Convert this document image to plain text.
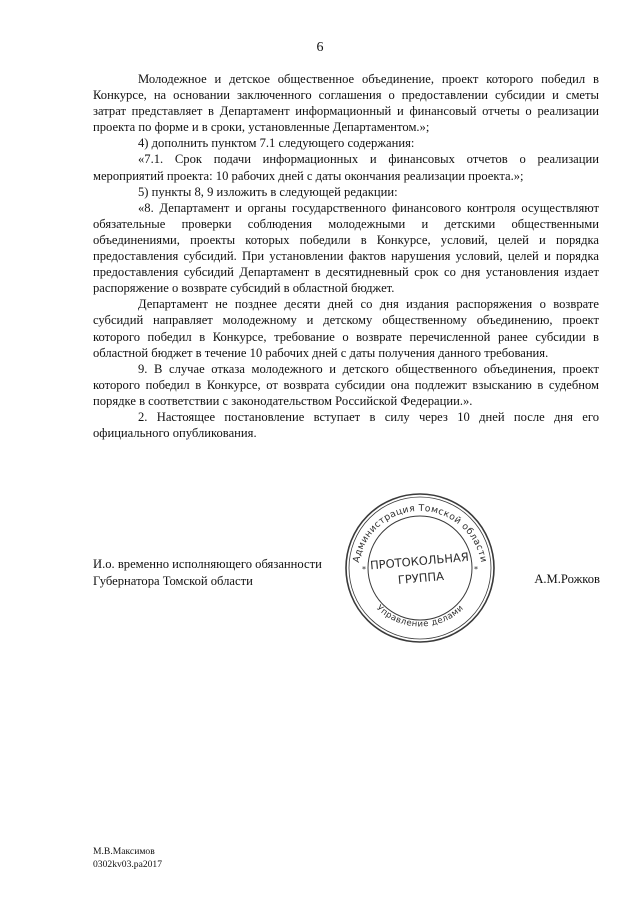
6

Молодежное и детское общественное объединение, проект которого победил в Конкурсе, на основании заключенного соглашения о предоставлении субсидии и сметы затрат представляет в Департамент информационный и финансовый отчеты о реализации проекта по форме и в сроки, установленные Департаментом.»;

4) дополнить пунктом 7.1 следующего содержания:

«7.1. Срок подачи информационных и финансовых отчетов о реализации мероприятий проекта: 10 рабочих дней с даты окончания реализации проекта.»;

5) пункты 8, 9 изложить в следующей редакции:

«8. Департамент и органы государственного финансового контроля осуществляют обязательные проверки соблюдения молодежными и детскими общественными объединениями, проекты которых победили в Конкурсе, условий, целей и порядка предоставления субсидий. При установлении фактов нарушения условий, целей и порядка предоставления субсидий Департамент в десятидневный срок со дня установления издает распоряжение о возврате субсидий в областной бюджет.

Департамент не позднее десяти дней со дня издания распоряжения о возврате субсидий направляет молодежному и детскому общественному объединению, проект которого победил в Конкурсе, требование о возврате перечисленной ранее субсидии в областной бюджет в течение 10 рабочих дней с даты получения данного требования.

9. В случае отказа молодежного и детского общественного объединения, проект которого победил в Конкурсе, от возврата субсидии она подлежит взысканию в судебном порядке в соответствии с законодательством Российской Федерации.».

2. Настоящее постановление вступает в силу через 10 дней после дня его официального опубликования.

И.о. временно исполняющего обязанности
Губернатора Томской области
Администрация Томской области
Управление делами
*	*
ПРОТОКОЛЬНАЯ
ГРУППА	А.М.Рожков
М.В.Максимов
0302kv03.pa2017
